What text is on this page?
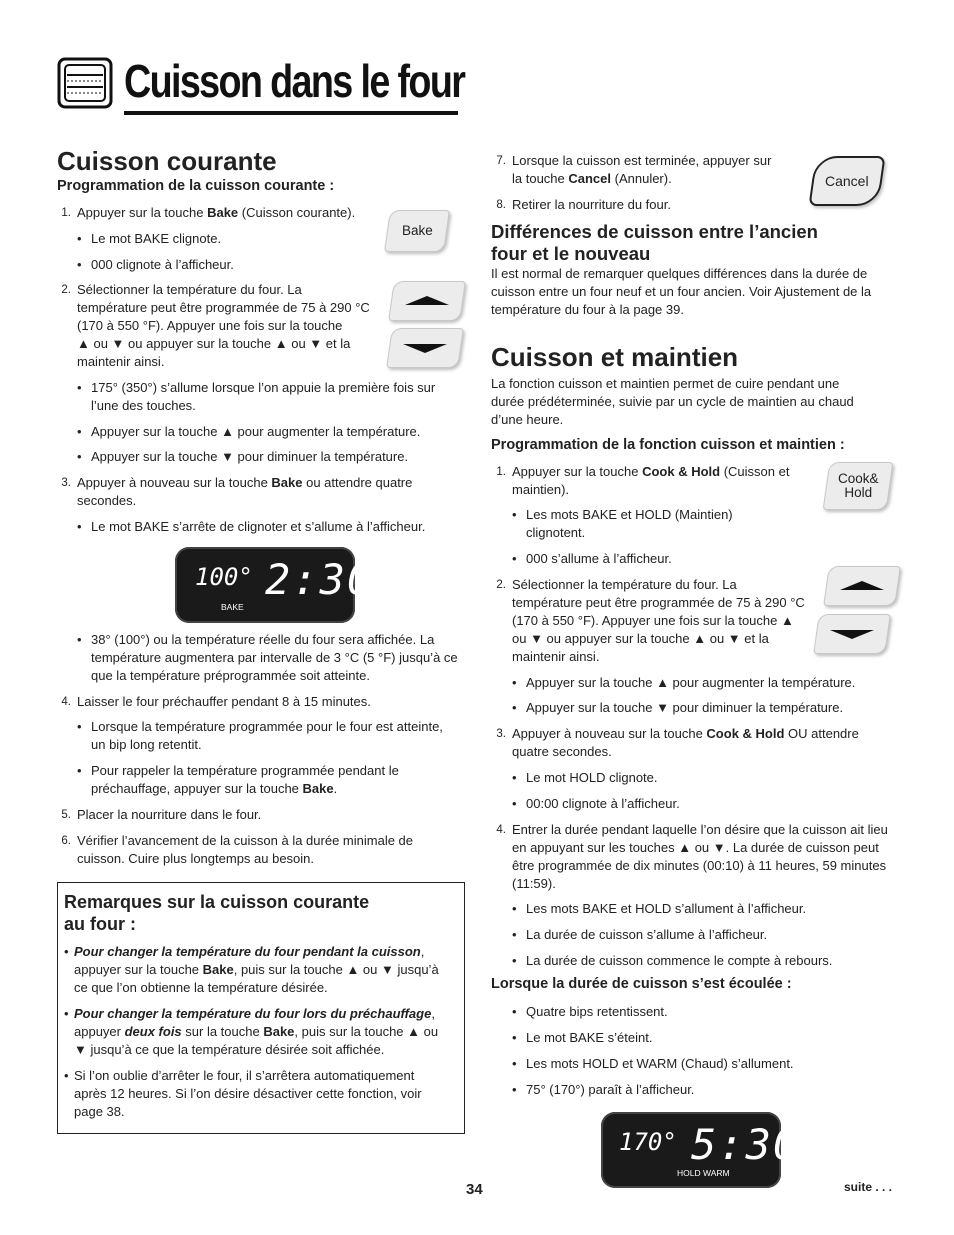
Cuisson dans le four
Cuisson courante
Programmation de la cuisson courante :
1. Appuyer sur la touche Bake (Cuisson courante).
• Le mot BAKE clignote.
• 000 clignote à l’afficheur.
Bake
2. Sélectionner la température du four. La
température peut être programmée de 75 à 290 °C
(170 à 550 °F). Appuyer une fois sur la touche
▲ ou ▼ ou appuyer sur la touche ▲ ou ▼ et la
maintenir ainsi.
• 175° (350°) s’allume lorsque l’on appuie la première fois sur
l’une des touches.
• Appuyer sur la touche ▲ pour augmenter la température.
• Appuyer sur la touche ▼ pour diminuer la température.
3. Appuyer à nouveau sur la touche Bake ou attendre quatre
secondes.
• Le mot BAKE s’arrête de clignoter et s’allume à l’afficheur.
100° 2:30
BAKE
• 38° (100°) ou la température réelle du four sera affichée. La
température augmentera par intervalle de 3 °C (5 °F) jusqu’à ce
que la température préprogrammée soit atteinte.
4. Laisser le four préchauffer pendant 8 à 15 minutes.
• Lorsque la température programmée pour le four est atteinte,
un bip long retentit.
• Pour rappeler la température programmée pendant le
préchauffage, appuyer sur la touche Bake.
5. Placer la nourriture dans le four.
6. Vérifier l’avancement de la cuisson à la durée minimale de
cuisson. Cuire plus longtemps au besoin.
Remarques sur la cuisson courante
au four :
• Pour changer la température du four pendant la cuisson,
appuyer sur la touche Bake, puis sur la touche ▲ ou ▼ jusqu’à
ce que l’on obtienne la température désirée.
• Pour changer la température du four lors du préchauffage,
appuyer deux fois sur la touche Bake, puis sur la touche ▲ ou
▼ jusqu’à ce que la température désirée soit affichée.
• Si l’on oublie d’arrêter le four, il s’arrêtera automatiquement
après 12 heures. Si l’on désire désactiver cette fonction, voir
page 38.
7. Lorsque la cuisson est terminée, appuyer sur
la touche Cancel (Annuler).	Cancel
8. Retirer la nourriture du four.
Différences de cuisson entre l’ancien
four et le nouveau
Il est normal de remarquer quelques différences dans la durée de
cuisson entre un four neuf et un four ancien. Voir Ajustement de la
température du four à la page 39.
Cuisson et maintien
La fonction cuisson et maintien permet de cuire pendant une
durée prédéterminée, suivie par un cycle de maintien au chaud
d’une heure.
Programmation de la fonction cuisson et maintien :
1. Appuyer sur la touche Cook & Hold (Cuisson et
maintien).
Cook&
Hold
• Les mots BAKE et HOLD (Maintien)
clignotent.
• 000 s’allume à l’afficheur.
2. Sélectionner la température du four. La
température peut être programmée de 75 à 290 °C
(170 à 550 °F). Appuyer une fois sur la touche ▲
ou ▼ ou appuyer sur la touche ▲ ou ▼ et la
maintenir ainsi.
• Appuyer sur la touche ▲ pour augmenter la température.
• Appuyer sur la touche ▼ pour diminuer la température.
3. Appuyer à nouveau sur la touche Cook & Hold OU attendre
quatre secondes.
• Le mot HOLD clignote.
• 00:00 clignote à l’afficheur.
4. Entrer la durée pendant laquelle l’on désire que la cuisson ait lieu
en appuyant sur les touches ▲ ou ▼. La durée de cuisson peut
être programmée de dix minutes (00:10) à 11 heures, 59 minutes
(11:59).
• Les mots BAKE et HOLD s’allument à l’afficheur.
• La durée de cuisson s’allume à l’afficheur.
• La durée de cuisson commence le compte à rebours.
Lorsque la durée de cuisson s’est écoulée :
• Quatre bips retentissent.
• Le mot BAKE s’éteint.
• Les mots HOLD et WARM (Chaud) s’allument.
• 75° (170°) paraît à l’afficheur.
170° 5:30
HOLD WARM
34	suite . . .
